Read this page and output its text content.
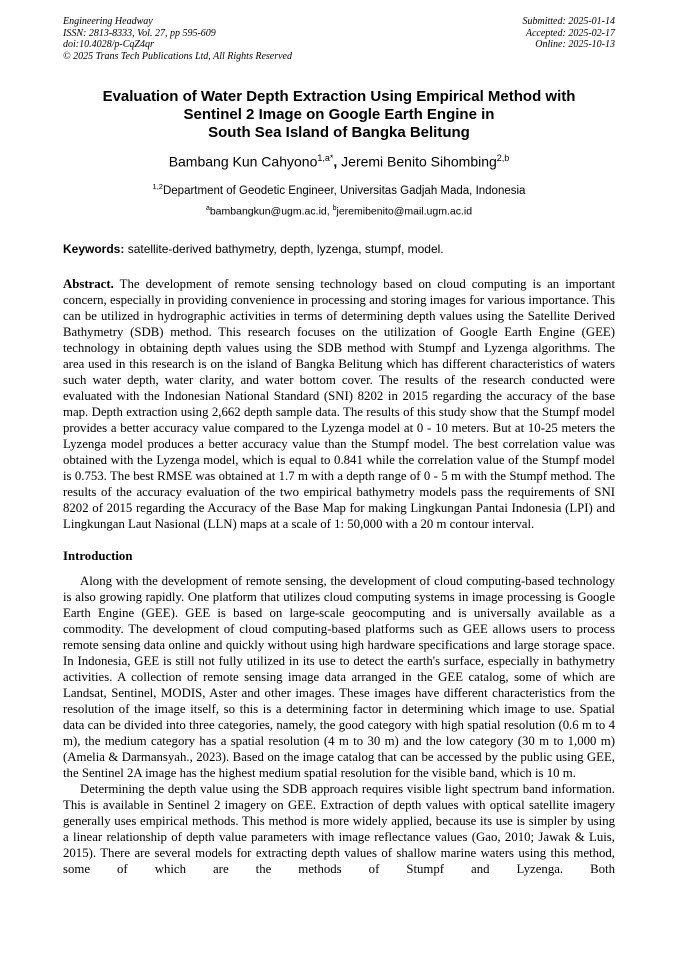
Engineering Headway
ISSN: 2813-8333, Vol. 27, pp 595-609
doi:10.4028/p-CqZ4qr
© 2025 Trans Tech Publications Ltd, All Rights Reserved
Submitted: 2025-01-14
Accepted: 2025-02-17
Online: 2025-10-13
Evaluation of Water Depth Extraction Using Empirical Method with
Sentinel 2 Image on Google Earth Engine in
South Sea Island of Bangka Belitung
Bambang Kun Cahyono$^{1,a*}$, Jeremi Benito Sihombing$^{2,b}$
$^{1,2}$Department of Geodetic Engineer, Universitas Gadjah Mada, Indonesia
$^a$bambangkun@ugm.ac.id, $^b$jeremibenito@mail.ugm.ac.id
Keywords: satellite-derived bathymetry, depth, lyzenga, stumpf, model.

Abstract. The development of remote sensing technology based on cloud computing is an important concern, especially in providing convenience in processing and storing images for various importance. This can be utilized in hydrographic activities in terms of determining depth values using the Satellite Derived Bathymetry (SDB) method. This research focuses on the utilization of Google Earth Engine (GEE) technology in obtaining depth values using the SDB method with Stumpf and Lyzenga algorithms. The area used in this research is on the island of Bangka Belitung which has different characteristics of waters such water depth, water clarity, and water bottom cover. The results of the research conducted were evaluated with the Indonesian National Standard (SNI) 8202 in 2015 regarding the accuracy of the base map. Depth extraction using 2,662 depth sample data. The results of this study show that the Stumpf model provides a better accuracy value compared to the Lyzenga model at 0 - 10 meters. But at 10-25 meters the Lyzenga model produces a better accuracy value than the Stumpf model. The best correlation value was obtained with the Lyzenga model, which is equal to 0.841 while the correlation value of the Stumpf model is 0.753. The best RMSE was obtained at 1.7 m with a depth range of 0 - 5 m with the Stumpf method. The results of the accuracy evaluation of the two empirical bathymetry models pass the requirements of SNI 8202 of 2015 regarding the Accuracy of the Base Map for making Lingkungan Pantai Indonesia (LPI) and Lingkungan Laut Nasional (LLN) maps at a scale of 1: 50,000 with a 20 m contour interval.

Introduction

Along with the development of remote sensing, the development of cloud computing-based technology is also growing rapidly. One platform that utilizes cloud computing systems in image processing is Google Earth Engine (GEE). GEE is based on large-scale geocomputing and is universally available as a commodity. The development of cloud computing-based platforms such as GEE allows users to process remote sensing data online and quickly without using high hardware specifications and large storage space. In Indonesia, GEE is still not fully utilized in its use to detect the earth's surface, especially in bathymetry activities. A collection of remote sensing image data arranged in the GEE catalog, some of which are Landsat, Sentinel, MODIS, Aster and other images. These images have different characteristics from the resolution of the image itself, so this is a determining factor in determining which image to use. Spatial data can be divided into three categories, namely, the good category with high spatial resolution (0.6 m to 4 m), the medium category has a spatial resolution (4 m to 30 m) and the low category (30 m to 1,000 m) (Amelia & Darmansyah., 2023). Based on the image catalog that can be accessed by the public using GEE, the Sentinel 2A image has the highest medium spatial resolution for the visible band, which is 10 m.

Determining the depth value using the SDB approach requires visible light spectrum band information. This is available in Sentinel 2 imagery on GEE. Extraction of depth values with optical satellite imagery generally uses empirical methods. This method is more widely applied, because its use is simpler by using a linear relationship of depth value parameters with image reflectance values (Gao, 2010; Jawak & Luis, 2015). There are several models for extracting depth values of shallow marine waters using this method, some of which are the methods of Stumpf and Lyzenga. Both
